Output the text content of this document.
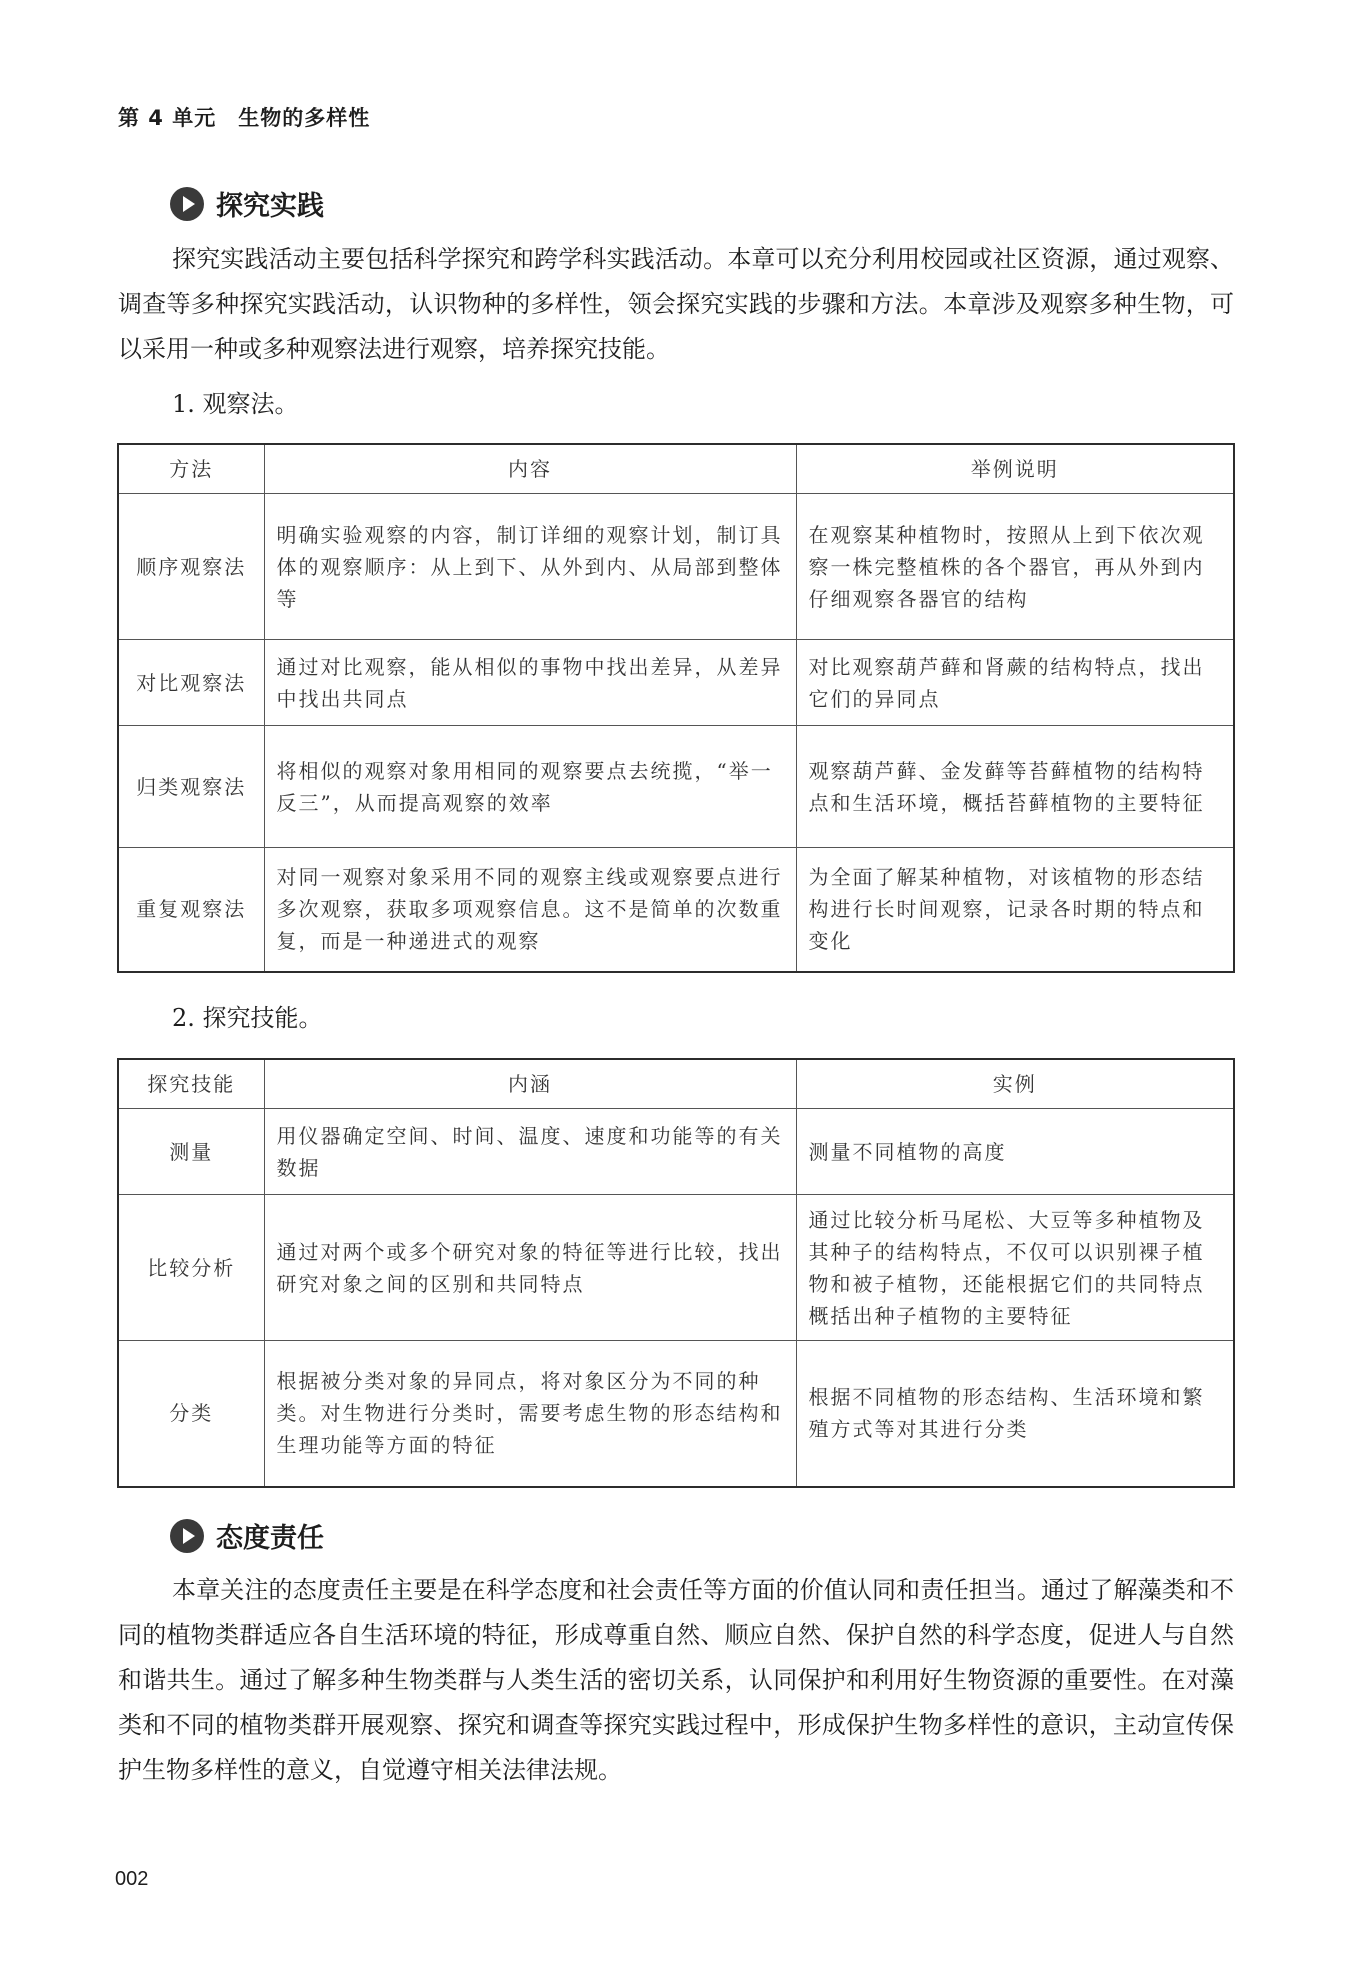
第 4 单元　生物的多样性
探究实践

探究实践活动主要包括科学探究和跨学科实践活动。本章可以充分利用校园或社区资源，通过观察、调查等多种探究实践活动，认识物种的多样性，领会探究实践的步骤和方法。本章涉及观察多种生物，可以采用一种或多种观察法进行观察，培养探究技能。

1. 观察法。
方法	内容	举例说明
顺序观察法	明确实验观察的内容，制订详细的观察计划，制订具体的观察顺序：从上到下、从外到内、从局部到整体等	在观察某种植物时，按照从上到下依次观察一株完整植株的各个器官，再从外到内仔细观察各器官的结构
对比观察法	通过对比观察，能从相似的事物中找出差异，从差异中找出共同点	对比观察葫芦藓和肾蕨的结构特点，找出它们的异同点
归类观察法	将相似的观察对象用相同的观察要点去统揽，“举一反三”，从而提高观察的效率	观察葫芦藓、金发藓等苔藓植物的结构特点和生活环境，概括苔藓植物的主要特征
重复观察法	对同一观察对象采用不同的观察主线或观察要点进行多次观察，获取多项观察信息。这不是简单的次数重复，而是一种递进式的观察	为全面了解某种植物，对该植物的形态结构进行长时间观察，记录各时期的特点和变化
2. 探究技能。
探究技能	内涵	实例
测量	用仪器确定空间、时间、温度、速度和功能等的有关数据	测量不同植物的高度
比较分析	通过对两个或多个研究对象的特征等进行比较，找出研究对象之间的区别和共同特点	通过比较分析马尾松、大豆等多种植物及其种子的结构特点，不仅可以识别裸子植物和被子植物，还能根据它们的共同特点概括出种子植物的主要特征
分类	根据被分类对象的异同点，将对象区分为不同的种类。对生物进行分类时，需要考虑生物的形态结构和生理功能等方面的特征	根据不同植物的形态结构、生活环境和繁殖方式等对其进行分类
态度责任

本章关注的态度责任主要是在科学态度和社会责任等方面的价值认同和责任担当。通过了解藻类和不同的植物类群适应各自生活环境的特征，形成尊重自然、顺应自然、保护自然的科学态度，促进人与自然和谐共生。通过了解多种生物类群与人类生活的密切关系，认同保护和利用好生物资源的重要性。在对藻类和不同的植物类群开展观察、探究和调查等探究实践过程中，形成保护生物多样性的意识，主动宣传保护生物多样性的意义，自觉遵守相关法律法规。

002
